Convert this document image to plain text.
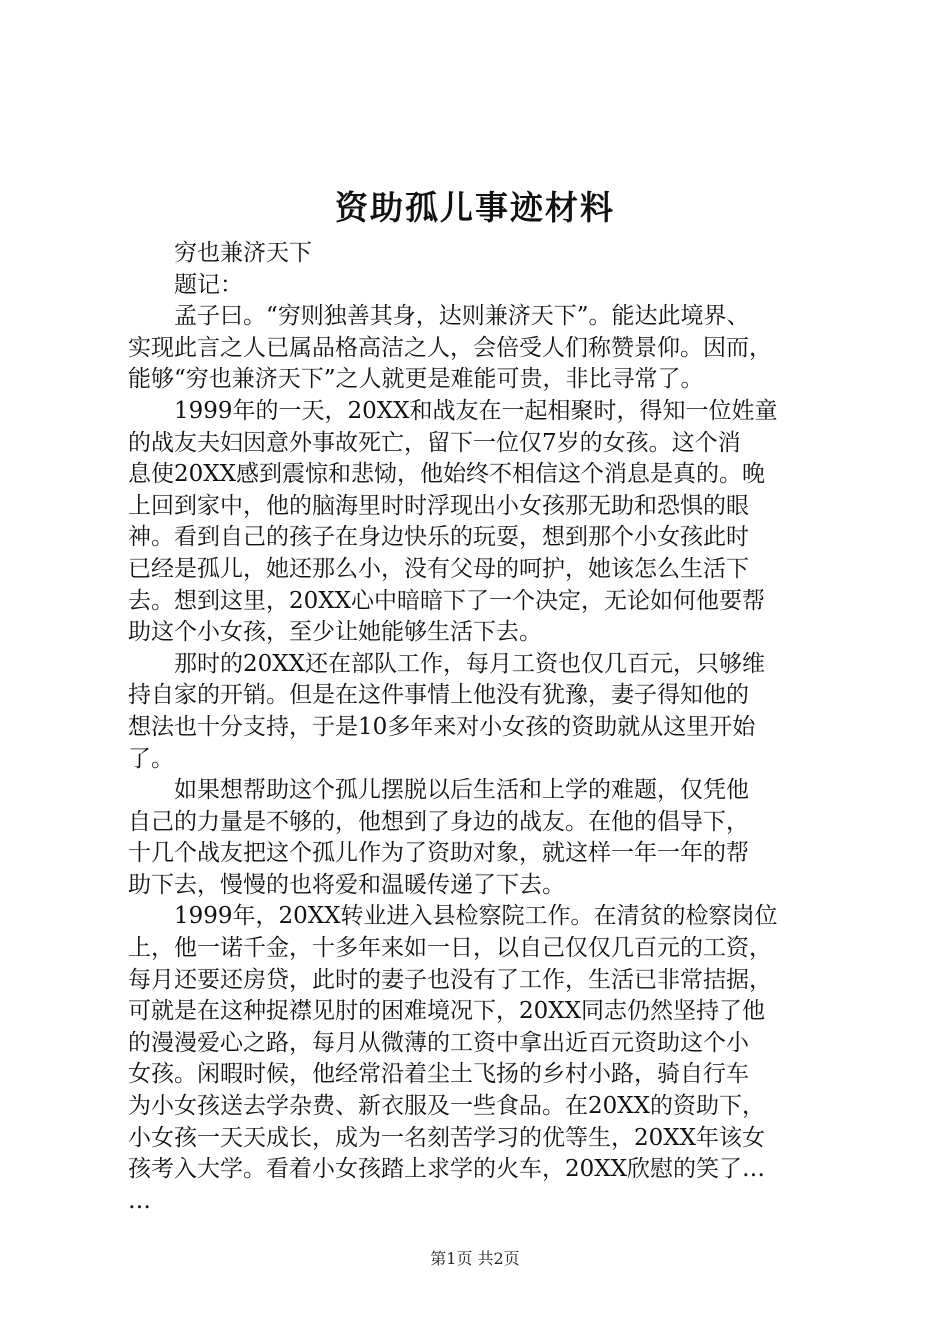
资助孤儿事迹材料

穷也兼济天下

题记：

孟子曰。“穷则独善其身，达则兼济天下”。能达此境界、

实现此言之人已属品格高洁之人，会倍受人们称赞景仰。因而，

能够“穷也兼济天下”之人就更是难能可贵，非比寻常了。

1999年的一天，20XX和战友在一起相聚时，得知一位姓童

的战友夫妇因意外事故死亡，留下一位仅7岁的女孩。这个消

息使20XX感到震惊和悲恸，他始终不相信这个消息是真的。晚

上回到家中，他的脑海里时时浮现出小女孩那无助和恐惧的眼

神。看到自己的孩子在身边快乐的玩耍，想到那个小女孩此时

已经是孤儿，她还那么小，没有父母的呵护，她该怎么生活下

去。想到这里，20XX心中暗暗下了一个决定，无论如何他要帮

助这个小女孩，至少让她能够生活下去。

那时的20XX还在部队工作，每月工资也仅几百元，只够维

持自家的开销。但是在这件事情上他没有犹豫，妻子得知他的

想法也十分支持，于是10多年来对小女孩的资助就从这里开始

了。

如果想帮助这个孤儿摆脱以后生活和上学的难题，仅凭他

自己的力量是不够的，他想到了身边的战友。在他的倡导下，

十几个战友把这个孤儿作为了资助对象，就这样一年一年的帮

助下去，慢慢的也将爱和温暖传递了下去。

1999年，20XX转业进入县检察院工作。在清贫的检察岗位

上，他一诺千金，十多年来如一日，以自己仅仅几百元的工资，

每月还要还房贷，此时的妻子也没有了工作，生活已非常拮据，

可就是在这种捉襟见肘的困难境况下，20XX同志仍然坚持了他

的漫漫爱心之路，每月从微薄的工资中拿出近百元资助这个小

女孩。闲暇时候，他经常沿着尘土飞扬的乡村小路，骑自行车

为小女孩送去学杂费、新衣服及一些食品。在20XX的资助下，

小女孩一天天成长，成为一名刻苦学习的优等生，20XX年该女

孩考入大学。看着小女孩踏上求学的火车，20XX欣慰的笑了…

…

第1页 共2页
